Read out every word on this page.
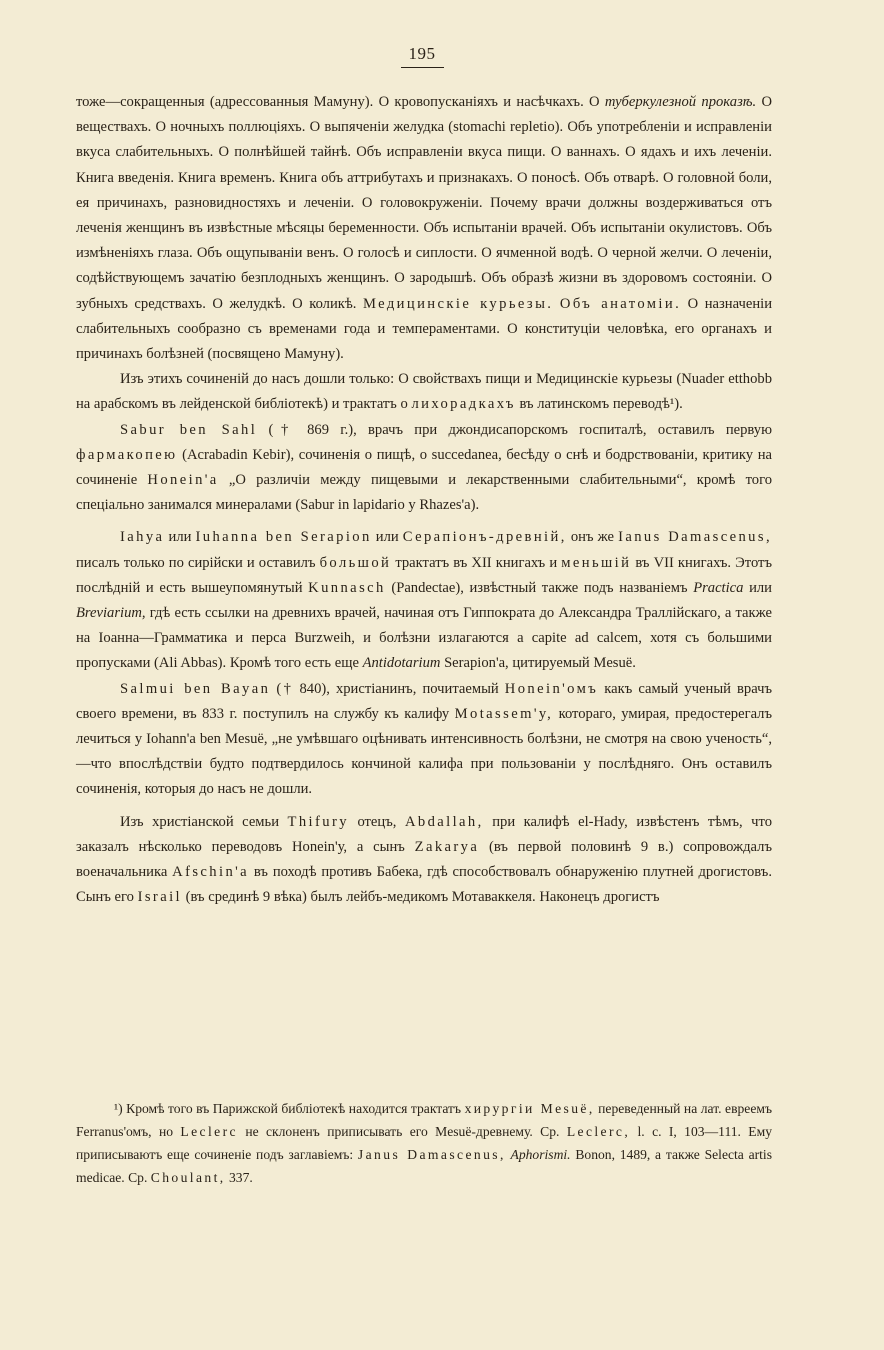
195

тоже—сокращенныя (адрессованныя Мамуну). О кровопусканіяхъ и насѣчкахъ. О туберкулезной проказѣ. О веществахъ. О ночныхъ поллюціяхъ. О выпяченіи желудка (stomachi repletio). Объ употребленіи и исправленіи вкуса слабительныхъ. О полнѣйшей тайнѣ. Объ исправленіи вкуса пищи. О ваннахъ. О ядахъ и ихъ леченіи. Книга введенія. Книга временъ. Книга объ аттрибутахъ и признакахъ. О поносѣ. Объ отварѣ. О головной боли, ея причинахъ, разновидностяхъ и леченіи. О головокруженіи. Почему врачи должны воздерживаться отъ леченія женщинъ въ извѣстные мѣсяцы беременности. Объ испытаніи врачей. Объ испытаніи окулистовъ. Объ измѣненіяхъ глаза. Объ ощупываніи венъ. О голосѣ и сиплости. О ячменной водѣ. О черной желчи. О леченіи, содѣйствующемъ зачатію безплодныхъ женщинъ. О зародышѣ. Объ образѣ жизни въ здоровомъ состояніи. О зубныхъ средствахъ. О желудкѣ. О коликѣ. Медицинскіе курьезы. Объ анатоміи. О назначеніи слабительныхъ сообразно съ временами года и темпераментами. О конституціи человѣка, его органахъ и причинахъ болѣзней (посвящено Мамуну).

Изъ этихъ сочиненій до насъ дошли только: О свойствахъ пищи и Медицинскіе курьезы (Nuader etthobb на арабскомъ въ лейденской библіотекѣ) и трактатъ о лихорадкахъ въ латинскомъ переводѣ¹).

Sabur ben Sahl († 869 г.), врачъ при джондисапорскомъ госпиталѣ, оставилъ первую фармакопею (Acrabadin Kebir), сочиненія о пищѣ, о succedanea, бесѣду о снѣ и бодрствованіи, критику на сочиненіе Honein'а „О различіи между пищевыми и лекарственными слабительными“, кромѣ того спеціально занимался минералами (Sabur in lapidario у Rhazes'а).

Iahya или Iuhanna ben Serapion или Серапіонъ-древній, онъ же Ianus Damascenus, писалъ только по сирійски и оставилъ большой трактатъ въ XII книгахъ и меньшій въ VII книгахъ. Этотъ послѣдній и есть вышеупомянутый Kunnasch (Pandectae), извѣстный также подъ названіемъ Practica или Breviarium, гдѣ есть ссылки на древнихъ врачей, начиная отъ Гиппократа до Александра Траллійскаго, а также на Іоанна—Грамматика и перса Burzweih, и болѣзни излагаются a capite ad calcem, хотя съ большими пропусками (Ali Abbas). Кромѣ того есть еще Antidotarium Serapion'а, цитируемый Mesuë.

Salmui ben Bayan († 840), христіанинъ, почитаемый Honein'омъ какъ самый ученый врачъ своего времени, въ 833 г. поступилъ на службу къ калифу Motassem'у, котораго, умирая, предостерегалъ лечиться у Iohann'а ben Mesuë, „не умѣвшаго оцѣнивать интенсивность болѣзни, не смотря на свою ученость“,—что впослѣдствіи будто подтвердилось кончиной калифа при пользованіи у послѣдняго. Онъ оставилъ сочиненія, которыя до насъ не дошли.

Изъ христіанской семьи Thifury отецъ, Abdallah, при калифѣ el-Hady, извѣстенъ тѣмъ, что заказалъ нѣсколько переводовъ Honein'у, а сынъ Zakarya (въ первой половинѣ 9 в.) сопровождалъ военачальника Afschin'а въ походѣ противъ Бабека, гдѣ способствовалъ обнаруженію плутней дрогистовъ. Сынъ его Israil (въ срединѣ 9 вѣка) былъ лейбъ-медикомъ Мотаваккеля. Наконецъ дрогистъ

¹) Кромѣ того въ Парижской библіотекѣ находится трактатъ хирургіи Mesuë, переведенный на лат. евреемъ Ferranus'омъ, но Leclerc не склоненъ приписывать его Mesuë-древнему. Ср. Leclerc, l. c. I, 103—111. Ему приписываютъ еще сочиненіе подъ заглавіемъ: Janus Damascenus, Aphorismi. Bonon, 1489, а также Selecta artis medicae. Ср. Choulant, 337.
